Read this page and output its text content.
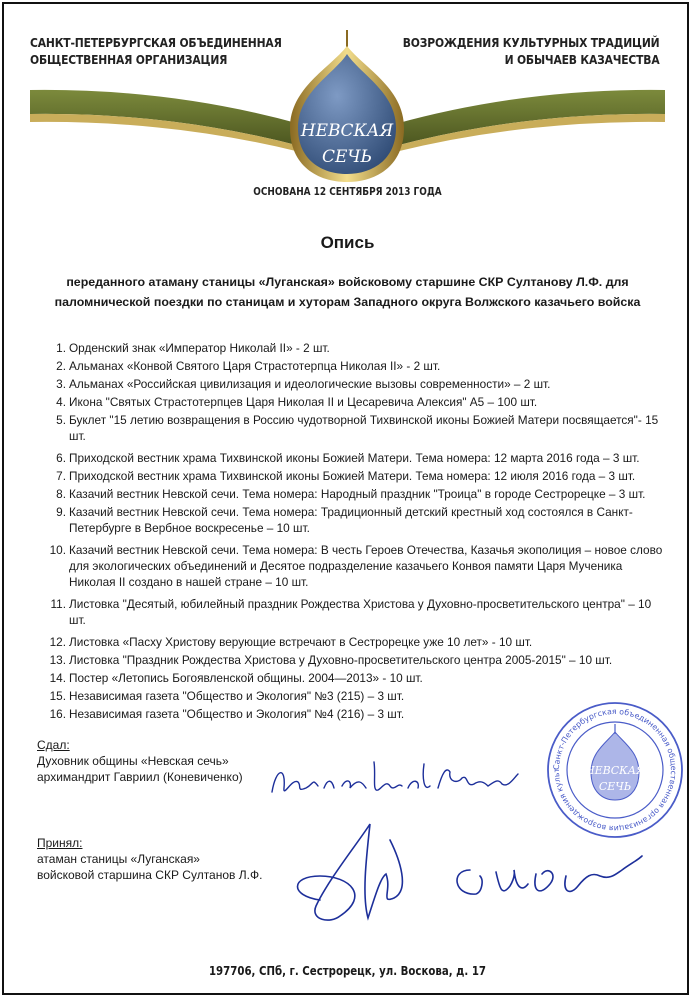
САНКТ-ПЕТЕРБУРГСКАЯ ОБЪЕДИНЕННАЯ
ОБЩЕСТВЕННАЯ ОРГАНИЗАЦИЯ
ВОЗРОЖДЕНИЯ КУЛЬТУРНЫХ ТРАДИЦИЙ
И ОБЫЧАЕВ КАЗАЧЕСТВА
НЕВСКАЯ
СЕЧЬ
ОСНОВАНА 12 СЕНТЯБРЯ 2013 ГОДА
Опись
переданного атаману станицы «Луганская» войсковому старшине СКР Султанову Л.Ф. для
паломнической поездки по станицам и хуторам Западного округа Волжского казачьего войска
1. Орденский знак «Император Николай II» - 2 шт.
2. Альманах «Конвой Святого Царя Страстотерпца Николая II» - 2 шт.
3. Альманах «Российская цивилизация и идеологические вызовы современности» – 2 шт.
4. Икона "Святых Страстотерпцев Царя Николая II и Цесаревича Алексия" А5 – 100 шт.
5. Буклет "15 летию возвращения в Россию чудотворной Тихвинской иконы Божией Матери посвящается"- 15 шт.
6. Приходской вестник храма Тихвинской иконы Божией Матери. Тема номера: 12 марта 2016 года – 3 шт.
7. Приходской вестник храма Тихвинской иконы Божией Матери. Тема номера: 12 июля 2016 года – 3 шт.
8. Казачий вестник Невской сечи. Тема номера: Народный праздник "Троица" в городе Сестрорецке – 3 шт.
9. Казачий вестник Невской сечи. Тема номера: Традиционный детский крестный ход состоялся в Санкт-Петербурге в Вербное воскресенье – 10 шт.
10. Казачий вестник Невской сечи. Тема номера: В честь Героев Отечества, Казачья экополиция – новое слово для экологических объединений и Десятое подразделение казачьего Конвоя памяти Царя Мученика Николая II создано в нашей стране – 10 шт.
11. Листовка "Десятый, юбилейный праздник Рождества Христова у Духовно-просветительского центра" – 10 шт.
12. Листовка «Пасху Христову верующие встречают в Сестрорецке уже 10 лет» - 10 шт.
13. Листовка "Праздник Рождества Христова у Духовно-просветительского центра 2005-2015" – 10 шт.
14. Постер «Летопись Богоявленской общины. 2004—2013» - 10 шт.
15. Независимая газета "Общество и Экология" №3 (215) – 3 шт.
16. Независимая газета "Общество и Экология" №4 (216) – 3 шт.
Сдал:
Духовник общины «Невская сечь»
архимандрит Гавриил (Коневиченко)
Принял:
атаман станицы «Луганская»
войсковой старшина СКР Султанов Л.Ф.
Санкт-Петербургская объединенная общественная организация возрождения культ	НЕВСКАЯ
СЕЧЬ
197706, СПб, г. Сестрорецк, ул. Воскова, д. 17
